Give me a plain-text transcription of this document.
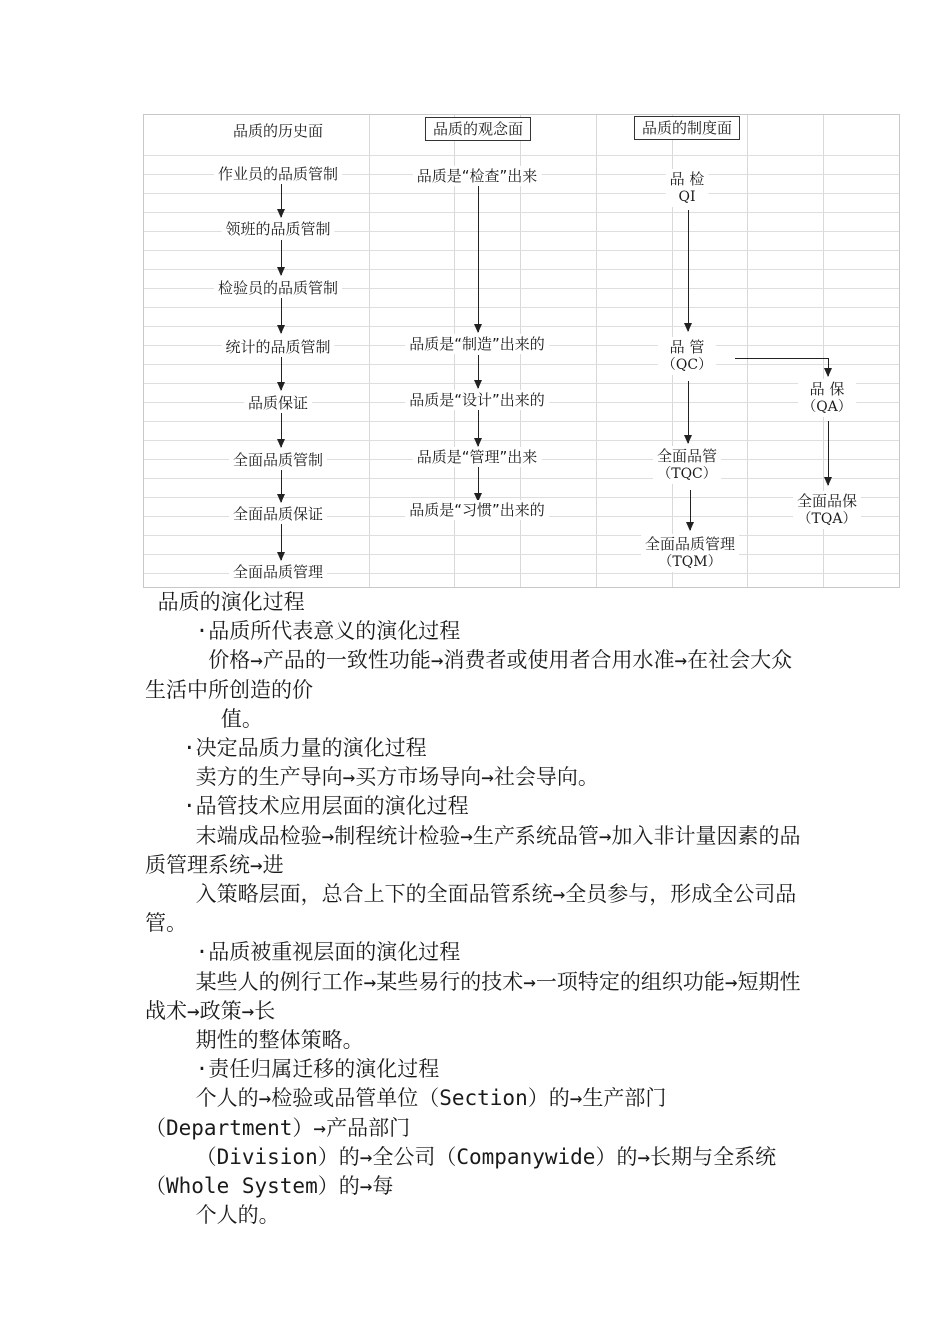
品质的历史面	品质的观念面	品质的制度面
作业员的品质管制
领班的品质管制
检验员的品质管制
统计的品质管制
品质保证
全面品质管制
全面品质保证
全面品质管理
品质是“检查”出来
品质是“制造”出来的
品质是“设计”出来的
品质是“管理”出来
品质是“习惯”出来的
品 检
QI
品 管
（QC）
品 保
（QA）
全面品管
（TQC）
全面品保
（TQA）
全面品质管理
（TQM）

品质的演化过程

·品质所代表意义的演化过程

价格→产品的一致性功能→消费者或使用者合用水准→在社会大众生活中所创造的价

值。

·决定品质力量的演化过程

卖方的生产导向→买方市场导向→社会导向。

·品管技术应用层面的演化过程

末端成品检验→制程统计检验→生产系统品管→加入非计量因素的品质管理系统→进

入策略层面，总合上下的全面品管系统→全员参与，形成全公司品管。

·品质被重视层面的演化过程

某些人的例行工作→某些易行的技术→一项特定的组织功能→短期性战术→政策→长

期性的整体策略。

·责任归属迁移的演化过程

个人的→检验或品管单位（Section）的→生产部门（Department）→产品部门

（Division）的→全公司（Companywide）的→长期与全系统（Whole System）的→每

个人的。
